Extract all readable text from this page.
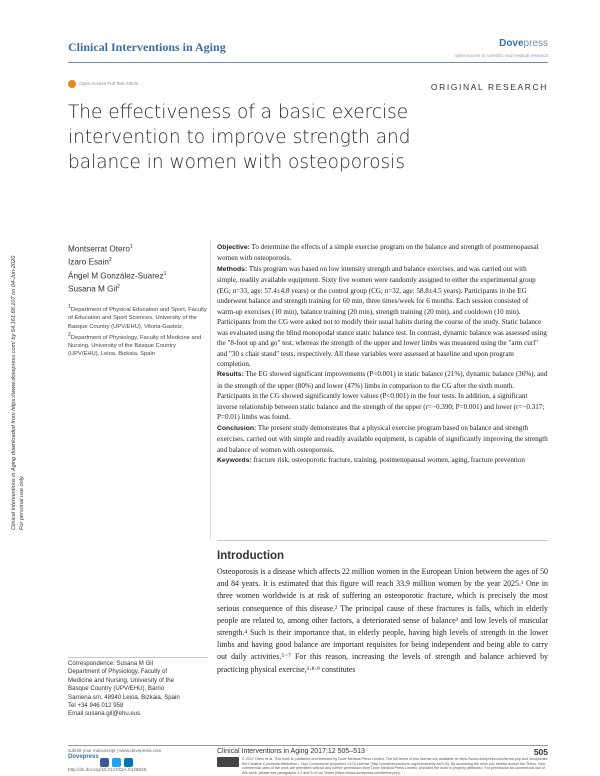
Clinical Interventions in Aging	Dovepress
open access to scientific and medical research
Open Access Full Text Article	ORIGINAL RESEARCH
The effectiveness of a basic exercise intervention to improve strength and balance in women with osteoporosis
Clinical Interventions in Aging downloaded from https://www.dovepress.com/ by 54.161.68.107 on 04-Jun-2020 For personal use only.
Montserrat Otero$^1$
Izaro Esain$^2$
Ángel M González-Suarez$^1$
Susana M Gil$^2$
1Department of Physical Education and Sport, Faculty of Education and Sport Sciences, University of the Basque Country (UPV/EHU), Vitoria-Gasteiz, 2Department of Physiology, Faculty of Medicine and Nursing, University of the Basque Country (UPV/EHU), Leioa, Bizkaia, Spain

Objective: To determine the effects of a simple exercise program on the balance and strength of postmenopausal women with osteoporosis.

Methods: This program was based on low intensity strength and balance exercises, and was carried out with simple, readily available equipment. Sixty five women were randomly assigned to either the experimental group (EG; n=33, age: 57.4±4.8 years) or the control group (CG; n=32, age: 58.8±4.5 years). Participants in the EG underwent balance and strength training for 60 min, three times/week for 6 months. Each session consisted of warm-up exercises (10 min), balance training (20 min), strength training (20 min), and cooldown (10 min). Participants from the CG were asked not to modify their usual habits during the course of the study. Static balance was evaluated using the blind monopodal stance static balance test. In contrast, dynamic balance was assessed using the "8-foot up and go" test, whereas the strength of the upper and lower limbs was measured using the "arm curl" and "30 s chair stand" tests, respectively. All these variables were assessed at baseline and upon program completion.

Results: The EG showed significant improvements (P<0.001) in static balance (21%), dynamic balance (36%), and in the strength of the upper (80%) and lower (47%) limbs in comparison to the CG after the sixth month. Participants in the CG showed significantly lower values (P<0.001) in the four tests. In addition, a significant inverse relationship between static balance and the strength of the upper (r=−0.390; P=0.001) and lower (r=−0.317; P=0.01) limbs was found.

Conclusion: The present study demonstrates that a physical exercise program based on balance and strength exercises, carried out with simple and readily available equipment, is capable of significantly improving the strength and balance of women with osteoporosis.

Keywords: fracture risk, osteoporotic fracture, training, postmenopausal women, aging, fracture prevention

Introduction
Osteoporosis is a disease which affects 22 million women in the European Union between the ages of 50 and 84 years. It is estimated that this figure will reach 33.9 million women by the year 2025.¹ One in three women worldwide is at risk of suffering an osteoporotic fracture, which is precisely the most serious consequence of this disease.² The principal cause of these fractures is falls, which in elderly people are related to, among other factors, a deteriorated sense of balance³ and low levels of muscular strength.⁴ Such is their importance that, in elderly people, having high levels of strength in the lower limbs and having good balance are important requisites for being independent and being able to carry out daily activities.⁵⁻⁷ For this reason, increasing the levels of strength and balance achieved by practicing physical exercise,³·⁸·⁹ constitutes
Correspondence: Susana M Gil
Department of Physiology, Faculty of
Medicine and Nursing, University of the
Basque Country (UPV/EHU), Barrio
Sarriena s/n, 48940 Leioa, Bizkaia, Spain
Tel +34 946 012 958
Email susana.gil@ehu.eus
submit your manuscript | www.dovepress.com
Dovepress
http://dx.doi.org/10.2147/CIA.S128828
Clinical Interventions in Aging 2017:12 505–513	505
© 2017 Otero et al. This work is published and licensed by Dove Medical Press Limited. The full terms of this license are available at https://www.dovepress.com/terms.php and incorporate the Creative Commons Attribution – Non Commercial (unported, v3.0) License (http://creativecommons.org/licenses/by-nc/3.0/). By accessing the work you hereby accept the Terms. Non-commercial uses of the work are permitted without any further permission from Dove Medical Press Limited, provided the work is properly attributed. For permission for commercial use of this work, please see paragraphs 4.2 and 5 of our Terms (https://www.dovepress.com/terms.php).
